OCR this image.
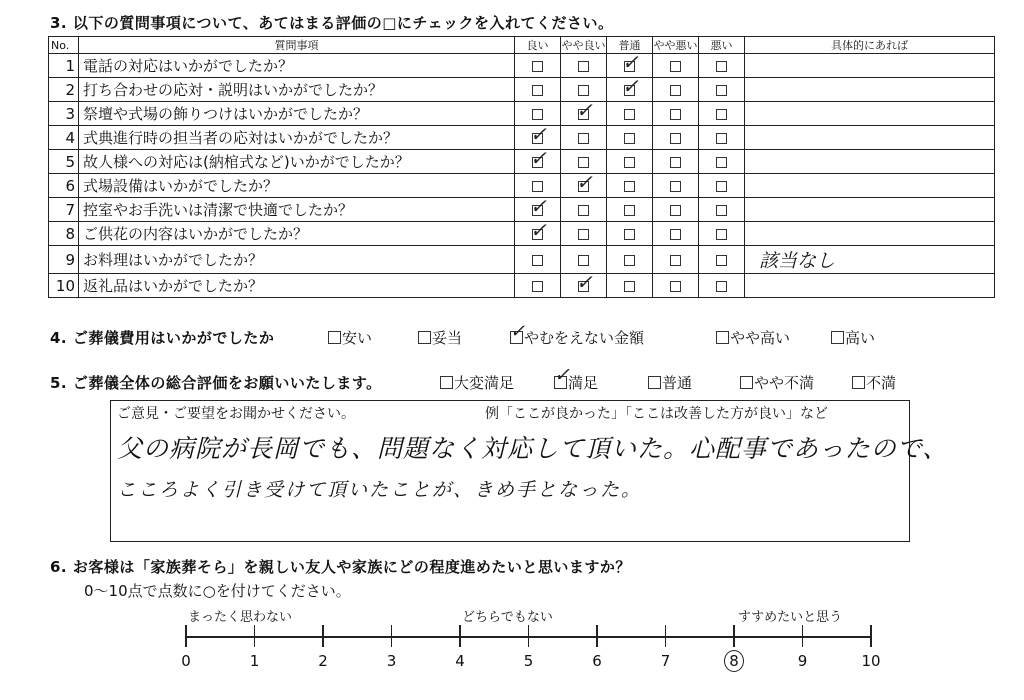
3. 以下の質問事項について、あてはまる評価の□にチェックを入れてください。
No.	質問事項	良い	やや良い	普通	やや悪い	悪い	具体的にあれば
1	電話の対応はいかがでしたか？			✓			

2	打ち合わせの応対・説明はいかがでしたか？			✓			

3	祭壇や式場の飾りつけはいかがでしたか？		✓				

4	式典進行時の担当者の応対はいかがでしたか？	✓					

5	故人様への対応は(納棺式など)いかがでしたか？	✓					

6	式場設備はいかがでしたか？		✓				

7	控室やお手洗いは清潔で快適でしたか？	✓					

8	ご供花の内容はいかがでしたか？	✓					

9	お料理はいかがでしたか？						該当なし
10	返礼品はいかがでしたか？		✓				

4. ご葬儀費用はいかがでしたか	安い	妥当	✓
やむをえない金額	やや高い	高い
5. ご葬儀全体の総合評価をお願いいたします。	大変満足 ✓
満足	普通	やや不満	不満
ご意見・ご要望をお聞かせください。	例「ここが良かった」「ここは改善した方が良い」など
父の病院が長岡でも、問題なく対応して頂いた。心配事であったので、
こころよく引き受けて頂いたことが、きめ手となった。
6. お客様は「家族葬そら」を親しい友人や家族にどの程度進めたいと思いますか？
0～10点で点数に○を付けてください。
まったく思わない	どちらでもない	すすめたいと思う
0	1	2	3	4	5	6	7	8	9	10
